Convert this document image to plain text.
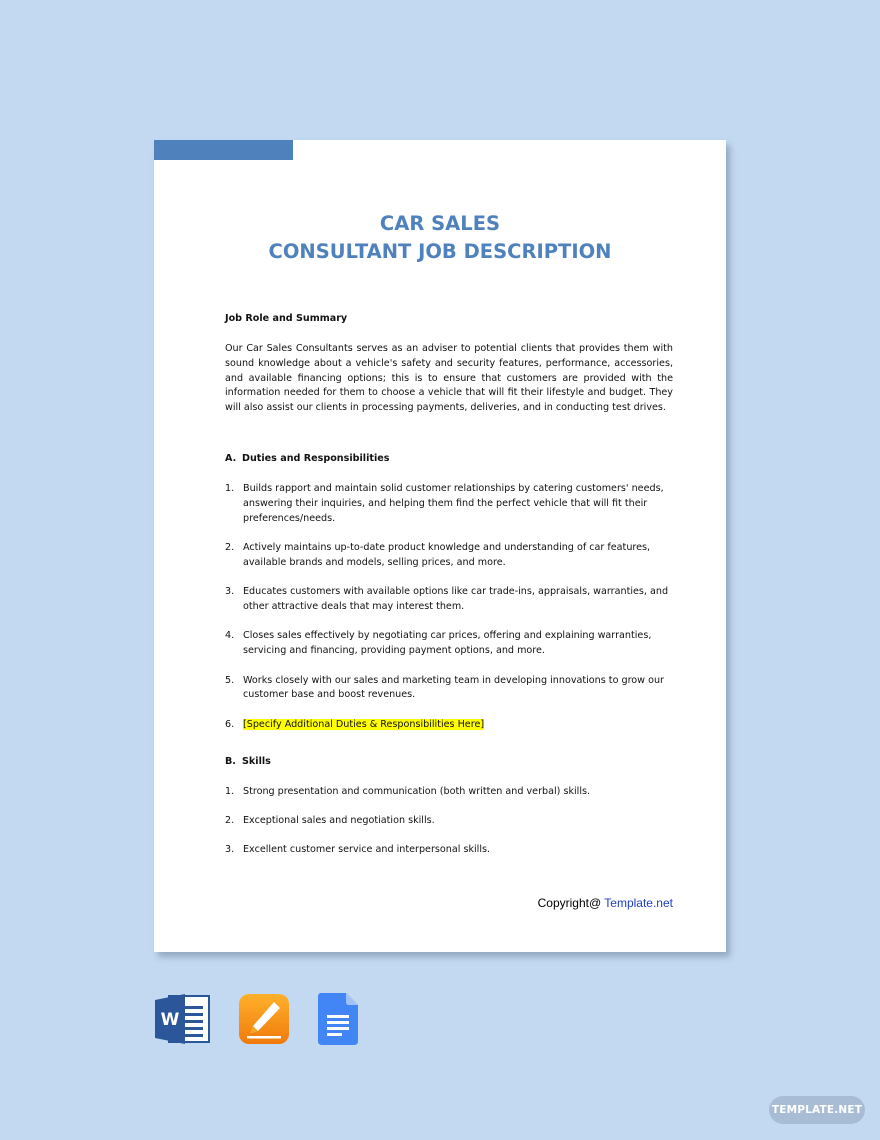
CAR SALES
CONSULTANT JOB DESCRIPTION
Job Role and Summary
Our Car Sales Consultants serves as an adviser to potential clients that provides them with sound knowledge about a vehicle's safety and security features, performance, accessories, and available financing options; this is to ensure that customers are provided with the information needed for them to choose a vehicle that will fit their lifestyle and budget. They will also assist our clients in processing payments, deliveries, and in conducting test drives.
A. Duties and Responsibilities
1. Builds rapport and maintain solid customer relationships by catering customers' needs, answering their inquiries, and helping them find the perfect vehicle that will fit their preferences/needs.
2. Actively maintains up-to-date product knowledge and understanding of car features, available brands and models, selling prices, and more.
3. Educates customers with available options like car trade-ins, appraisals, warranties, and other attractive deals that may interest them.
4. Closes sales effectively by negotiating car prices, offering and explaining warranties, servicing and financing, providing payment options, and more.
5. Works closely with our sales and marketing team in developing innovations to grow our customer base and boost revenues.
6. [Specify Additional Duties & Responsibilities Here]
B. Skills
1. Strong presentation and communication (both written and verbal) skills.
2. Exceptional sales and negotiation skills.
3. Excellent customer service and interpersonal skills.
Copyright@ Template.net
W
TEMPLATE.NET
